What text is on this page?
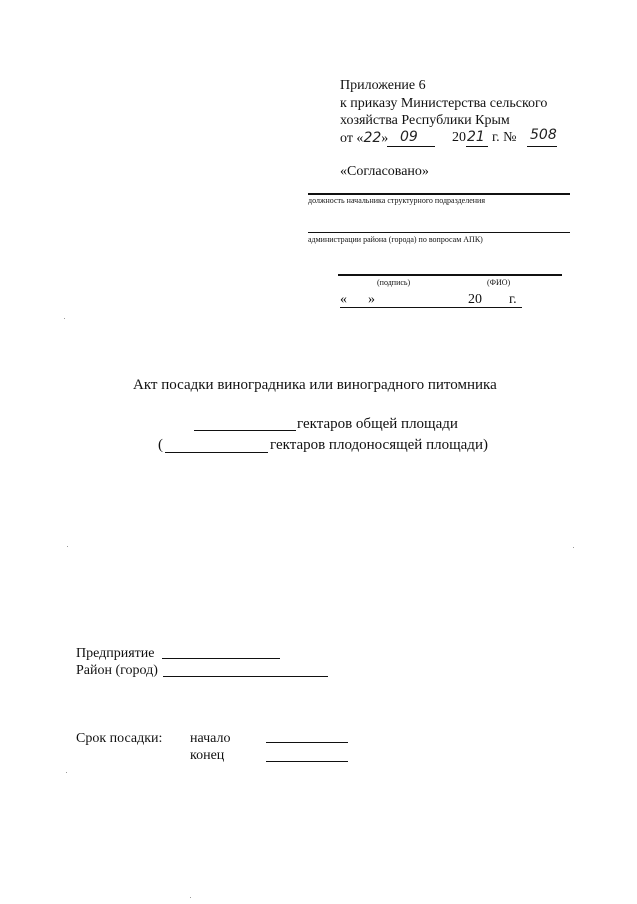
Приложение 6
к приказу Министерства сельского
хозяйства Республики Крым
от «22» 09 20 21 г. № 508
«Согласовано»
должность начальника структурного подразделения
администрации района (города) по вопросам АПК)
(подпись)	(ФИО)
« »	20 г.
Акт посадки виноградника или виноградного питомника
гектаров общей площади
(	гектаров плодоносящей площади)
Предприятие
Район (город)
Срок посадки: начало
конец
